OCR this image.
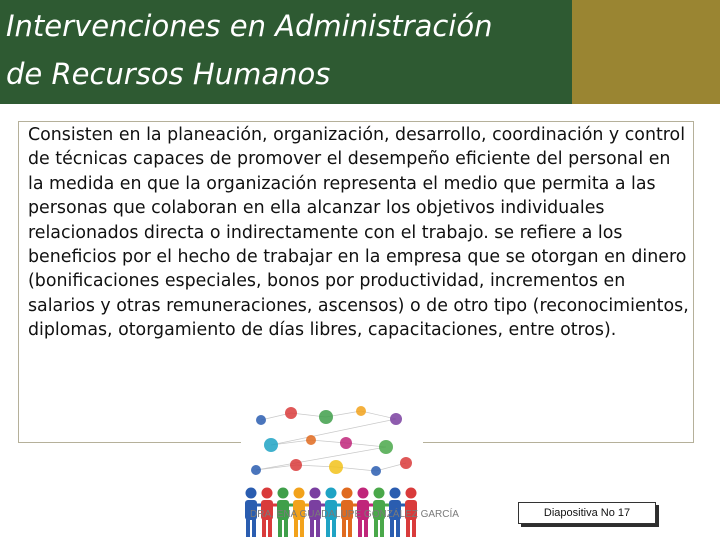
Intervenciones en Administración
de Recursos Humanos
Consisten en la planeación, organización, desarrollo, coordinación y control de técnicas capaces de promover el desempeño eficiente del personal en la medida en que la organización representa el medio que permita a las personas que colaboran en ella alcanzar los objetivos individuales relacionados directa o indirectamente con el trabajo. se refiere a los beneficios por el hecho de trabajar en la empresa que se otorgan en dinero (bonificaciones especiales, bonos por productividad, incrementos en salarios y otras remuneraciones, ascensos) o de otro tipo (reconocimientos, diplomas, otorgamiento de días libres, capacitaciones, entre otros).
DRA. ENA GUADALUPE GONZÁLEZ GARCÍA	Diapositiva No 17
